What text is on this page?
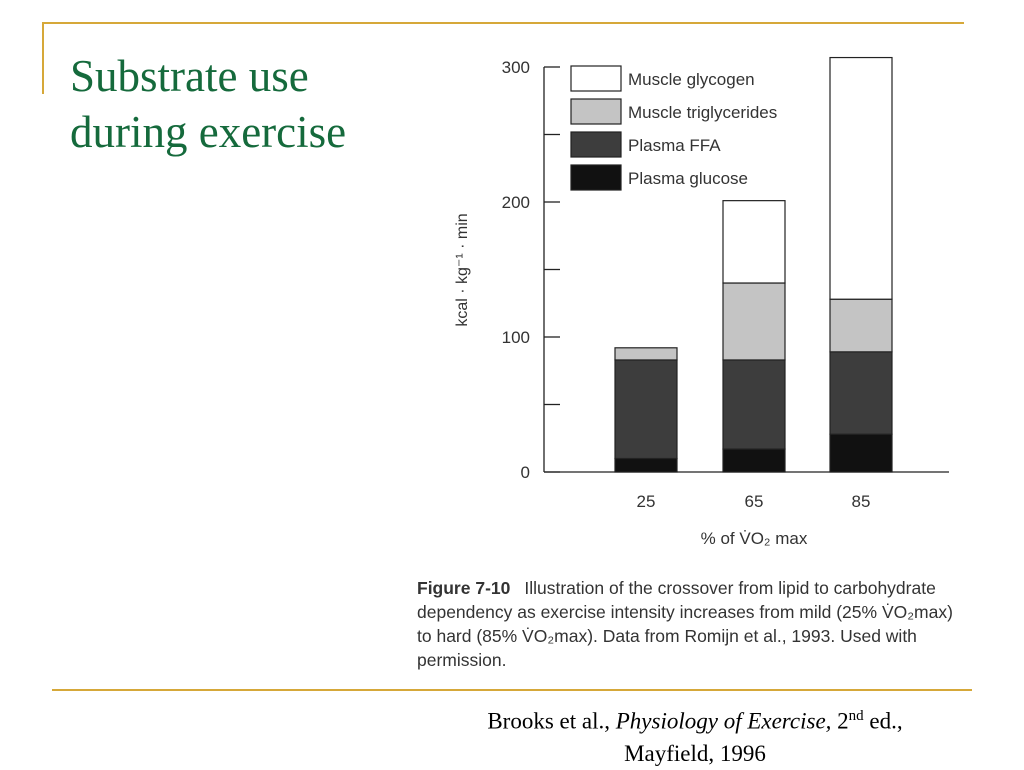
Substrate use during exercise
0
100
200
300
25	65	85
% of V̇O₂ max
kcal · kg⁻¹ · min
Muscle glycogen
Muscle triglycerides
Plasma FFA
Plasma glucose
Figure 7-10 Illustration of the crossover from lipid to carbohydrate dependency as exercise intensity increases from mild (25% V̇O₂max) to hard (85% V̇O₂max). Data from Romijn et al., 1993. Used with permission.
Brooks et al., Physiology of Exercise, 2nd ed.,
Mayfield, 1996
